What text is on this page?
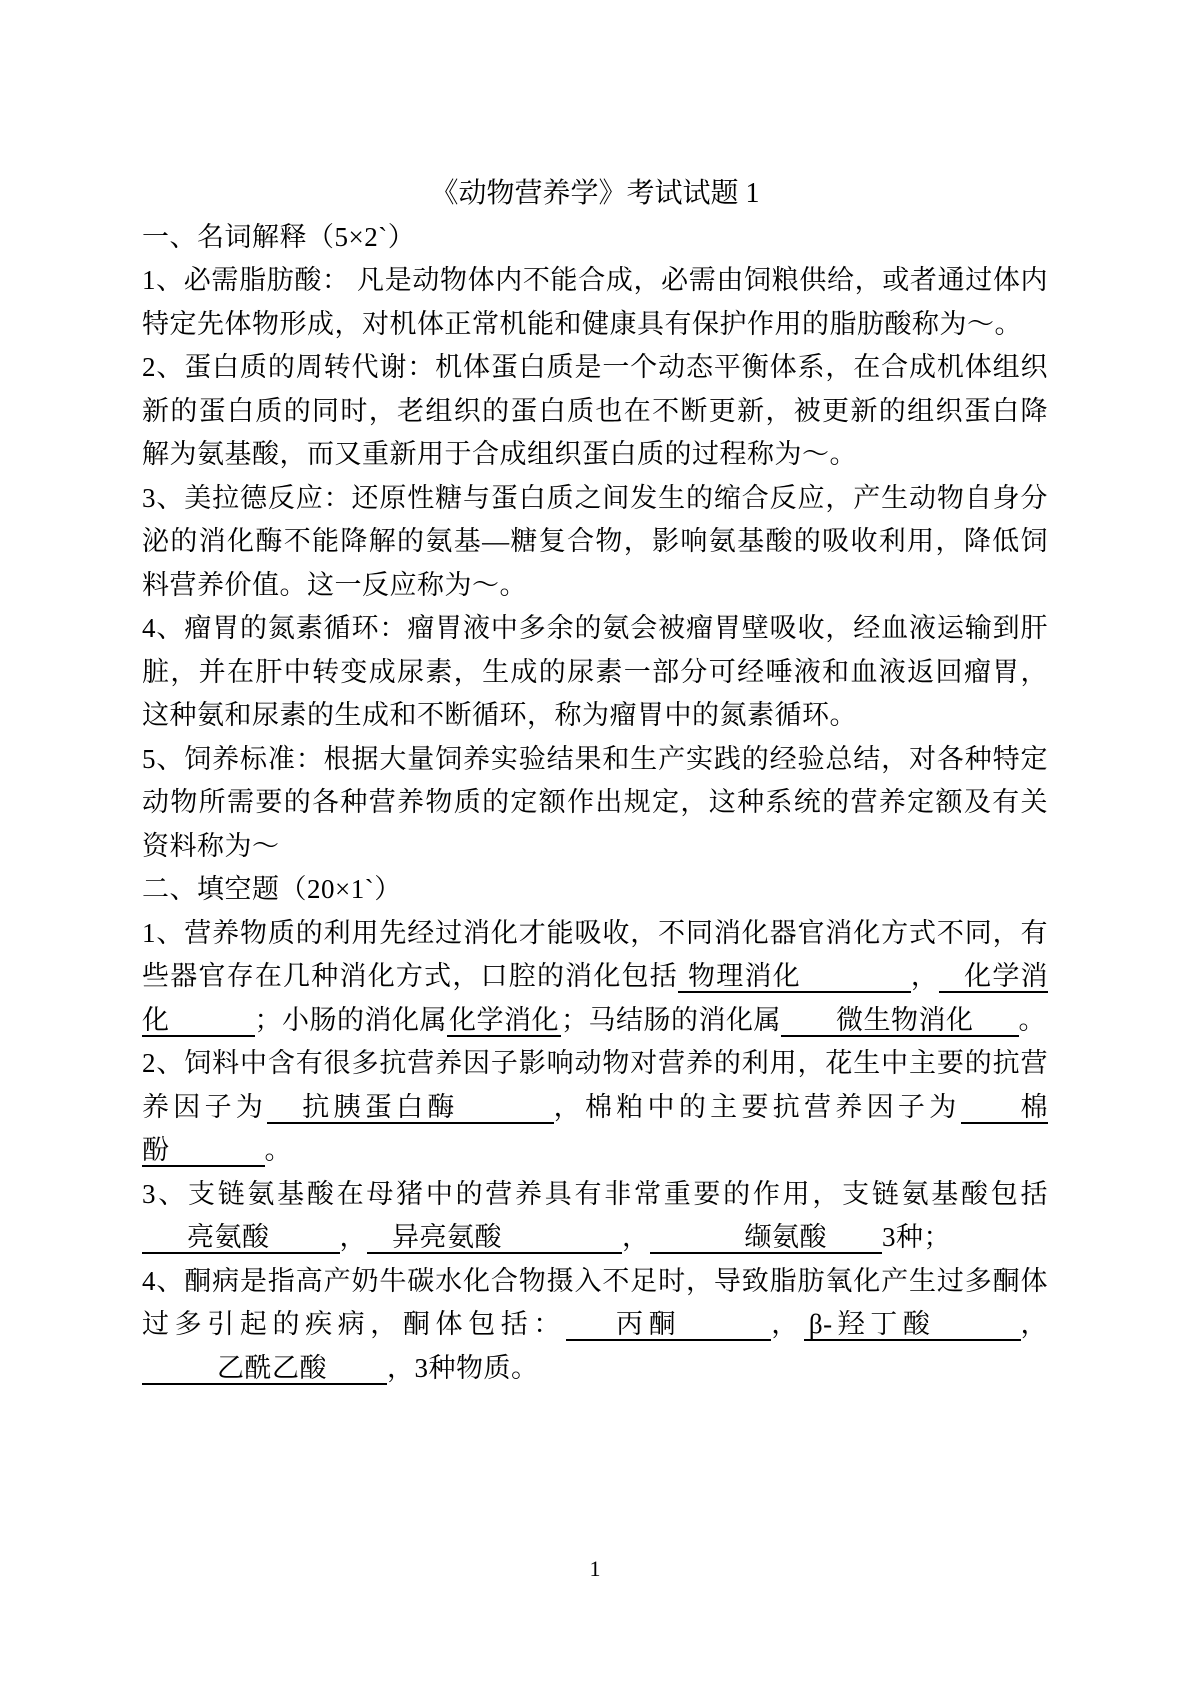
《动物营养学》考试试题 1

一、名词解释（5×2`）

1、必需脂肪酸： 凡是动物体内不能合成，必需由饲粮供给，或者通过体内特定先体物形成，对机体正常机能和健康具有保护作用的脂肪酸称为～。

2、蛋白质的周转代谢：机体蛋白质是一个动态平衡体系，在合成机体组织新的蛋白质的同时，老组织的蛋白质也在不断更新，被更新的组织蛋白降解为氨基酸，而又重新用于合成组织蛋白质的过程称为～。

3、美拉德反应：还原性糖与蛋白质之间发生的缩合反应，产生动物自身分泌的消化酶不能降解的氨基—糖复合物，影响氨基酸的吸收利用，降低饲料营养价值。这一反应称为～。

4、瘤胃的氮素循环：瘤胃液中多余的氨会被瘤胃壁吸收，经血液运输到肝脏，并在肝中转变成尿素，生成的尿素一部分可经唾液和血液返回瘤胃，这种氨和尿素的生成和不断循环，称为瘤胃中的氮素循环。

5、饲养标准：根据大量饲养实验结果和生产实践的经验总结，对各种特定动物所需要的各种营养物质的定额作出规定，这种系统的营养定额及有关资料称为～

二、填空题（20×1`）

1、营养物质的利用先经过消化才能吸收，不同消化器官消化方式不同，有些器官存在几种消化方式，口腔的消化包括 物理消化	， 化学消化	；小肠的消化属化学消化；马结肠的消化属 微生物消化 。

2、饲料中含有很多抗营养因子影响动物对营养的利用，花生中主要的抗营养因子为 抗胰蛋白酶	，棉粕中的主要抗营养因子为 棉酚	。

3、支链氨基酸在母猪中的营养具有非常重要的作用，支链氨基酸包括亮氨酸	， 异亮氨酸	，	缬氨酸 3种；

4、酮病是指高产奶牛碳水化合物摄入不足时，导致脂肪氧化产生过多酮体过多引起的疾病，酮体包括： 丙酮	， β-羟丁酸	，乙酰乙酸 ，3种物质。

1
